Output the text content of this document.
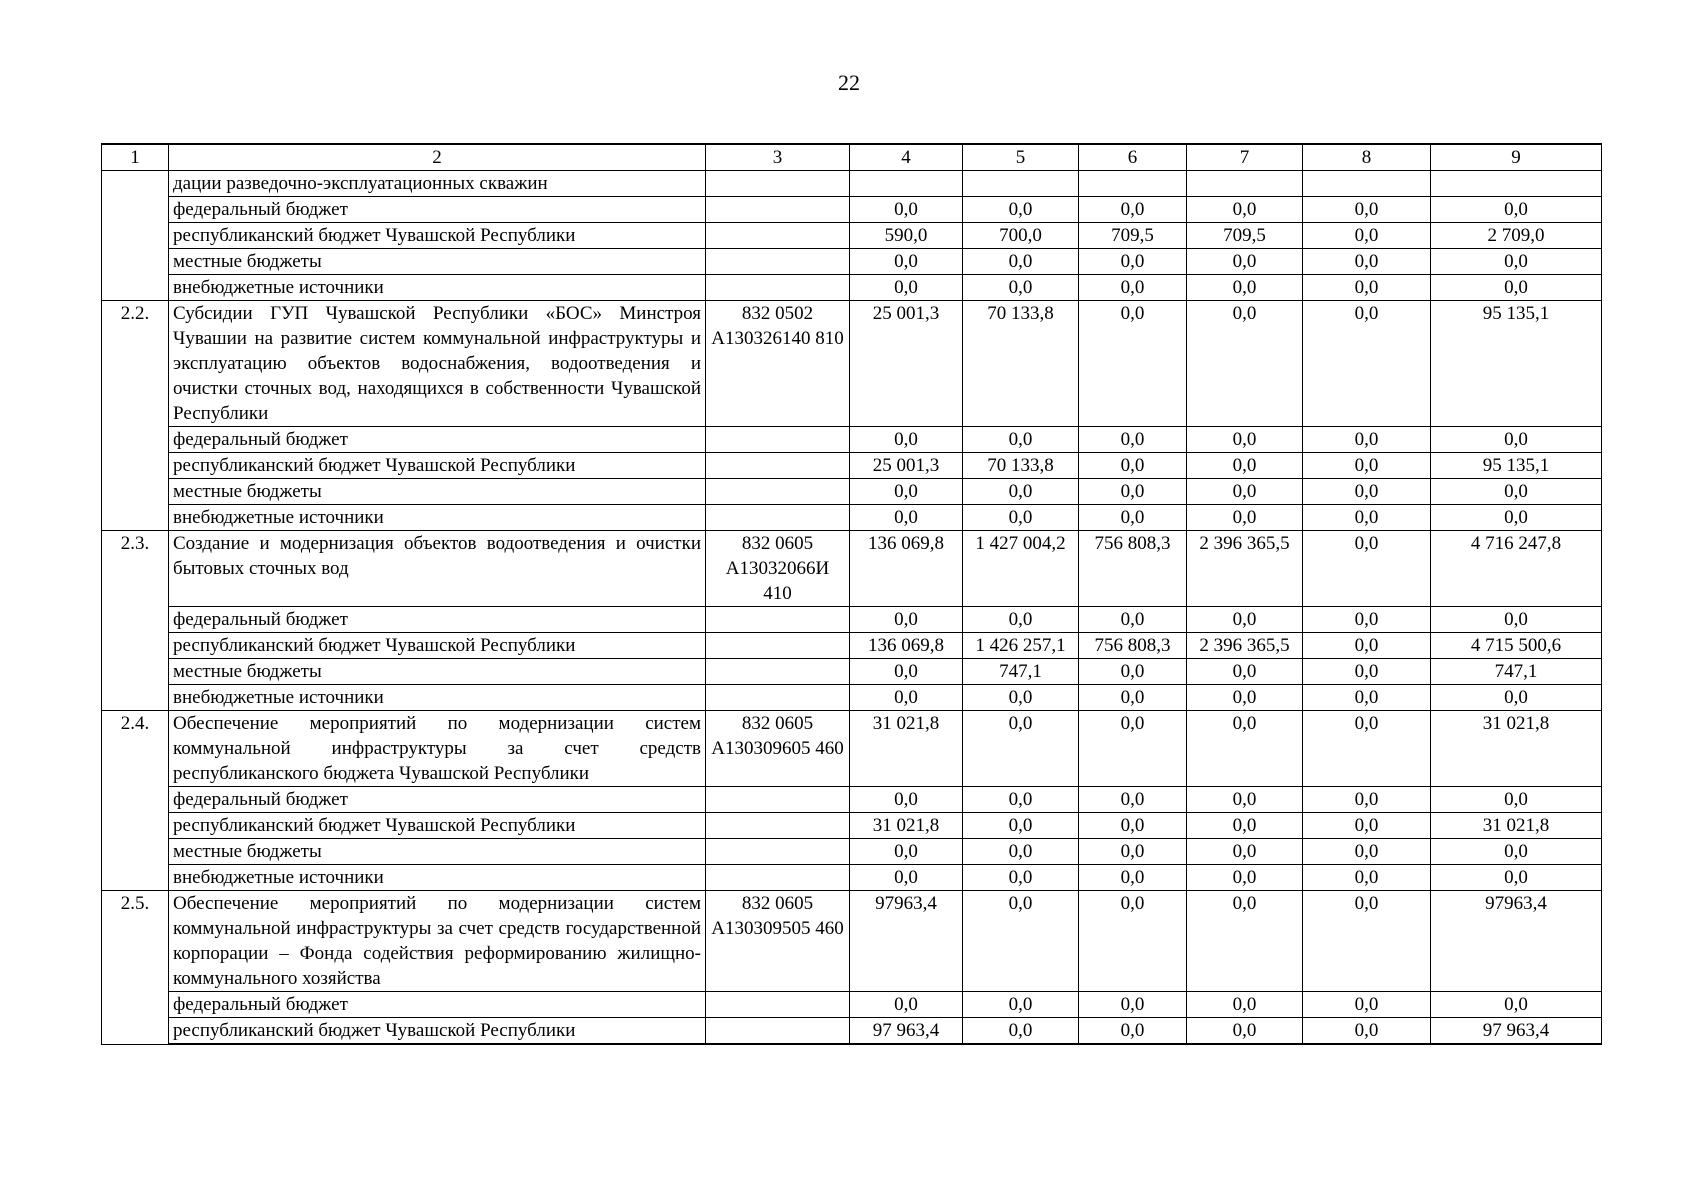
22
1	2	3	4	5	6	7	8	9
	дации разведочно-эксплуатационных скважин							
	федеральный бюджет		0,0	0,0	0,0	0,0	0,0	0,0
	республиканский бюджет Чувашской Республики		590,0	700,0	709,5	709,5	0,0	2 709,0
	местные бюджеты		0,0	0,0	0,0	0,0	0,0	0,0
	внебюджетные источники		0,0	0,0	0,0	0,0	0,0	0,0
2.2.	Субсидии ГУП Чувашской Республики «БОС» Минстроя Чувашии на развитие систем коммунальной инфраструктуры и эксплуатацию объектов водоснабжения, водоотведения и очистки сточных вод, находящихся в собственности Чувашской Республики	832 0502 А130326140 810	25 001,3	70 133,8	0,0	0,0	0,0	95 135,1
	федеральный бюджет		0,0	0,0	0,0	0,0	0,0	0,0
	республиканский бюджет Чувашской Республики		25 001,3	70 133,8	0,0	0,0	0,0	95 135,1
	местные бюджеты		0,0	0,0	0,0	0,0	0,0	0,0
	внебюджетные источники		0,0	0,0	0,0	0,0	0,0	0,0
2.3.	Создание и модернизация объектов водоотведения и очистки бытовых сточных вод	832 0605 А13032066И 410	136 069,8	1 427 004,2	756 808,3	2 396 365,5	0,0	4 716 247,8
	федеральный бюджет		0,0	0,0	0,0	0,0	0,0	0,0
	республиканский бюджет Чувашской Республики		136 069,8	1 426 257,1	756 808,3	2 396 365,5	0,0	4 715 500,6
	местные бюджеты		0,0	747,1	0,0	0,0	0,0	747,1
	внебюджетные источники		0,0	0,0	0,0	0,0	0,0	0,0
2.4.	Обеспечение мероприятий по модернизации систем коммунальной инфраструктуры за счет средств республиканского бюджета Чувашской Республики	832 0605 А130309605 460	31 021,8	0,0	0,0	0,0	0,0	31 021,8
	федеральный бюджет		0,0	0,0	0,0	0,0	0,0	0,0
	республиканский бюджет Чувашской Республики		31 021,8	0,0	0,0	0,0	0,0	31 021,8
	местные бюджеты		0,0	0,0	0,0	0,0	0,0	0,0
	внебюджетные источники		0,0	0,0	0,0	0,0	0,0	0,0
2.5.	Обеспечение мероприятий по модернизации систем коммунальной инфраструктуры за счет средств государственной корпорации – Фонда содействия реформированию жилищно-коммунального хозяйства	832 0605 А130309505 460	97963,4	0,0	0,0	0,0	0,0	97963,4
	федеральный бюджет		0,0	0,0	0,0	0,0	0,0	0,0
	республиканский бюджет Чувашской Республики		97 963,4	0,0	0,0	0,0	0,0	97 963,4
